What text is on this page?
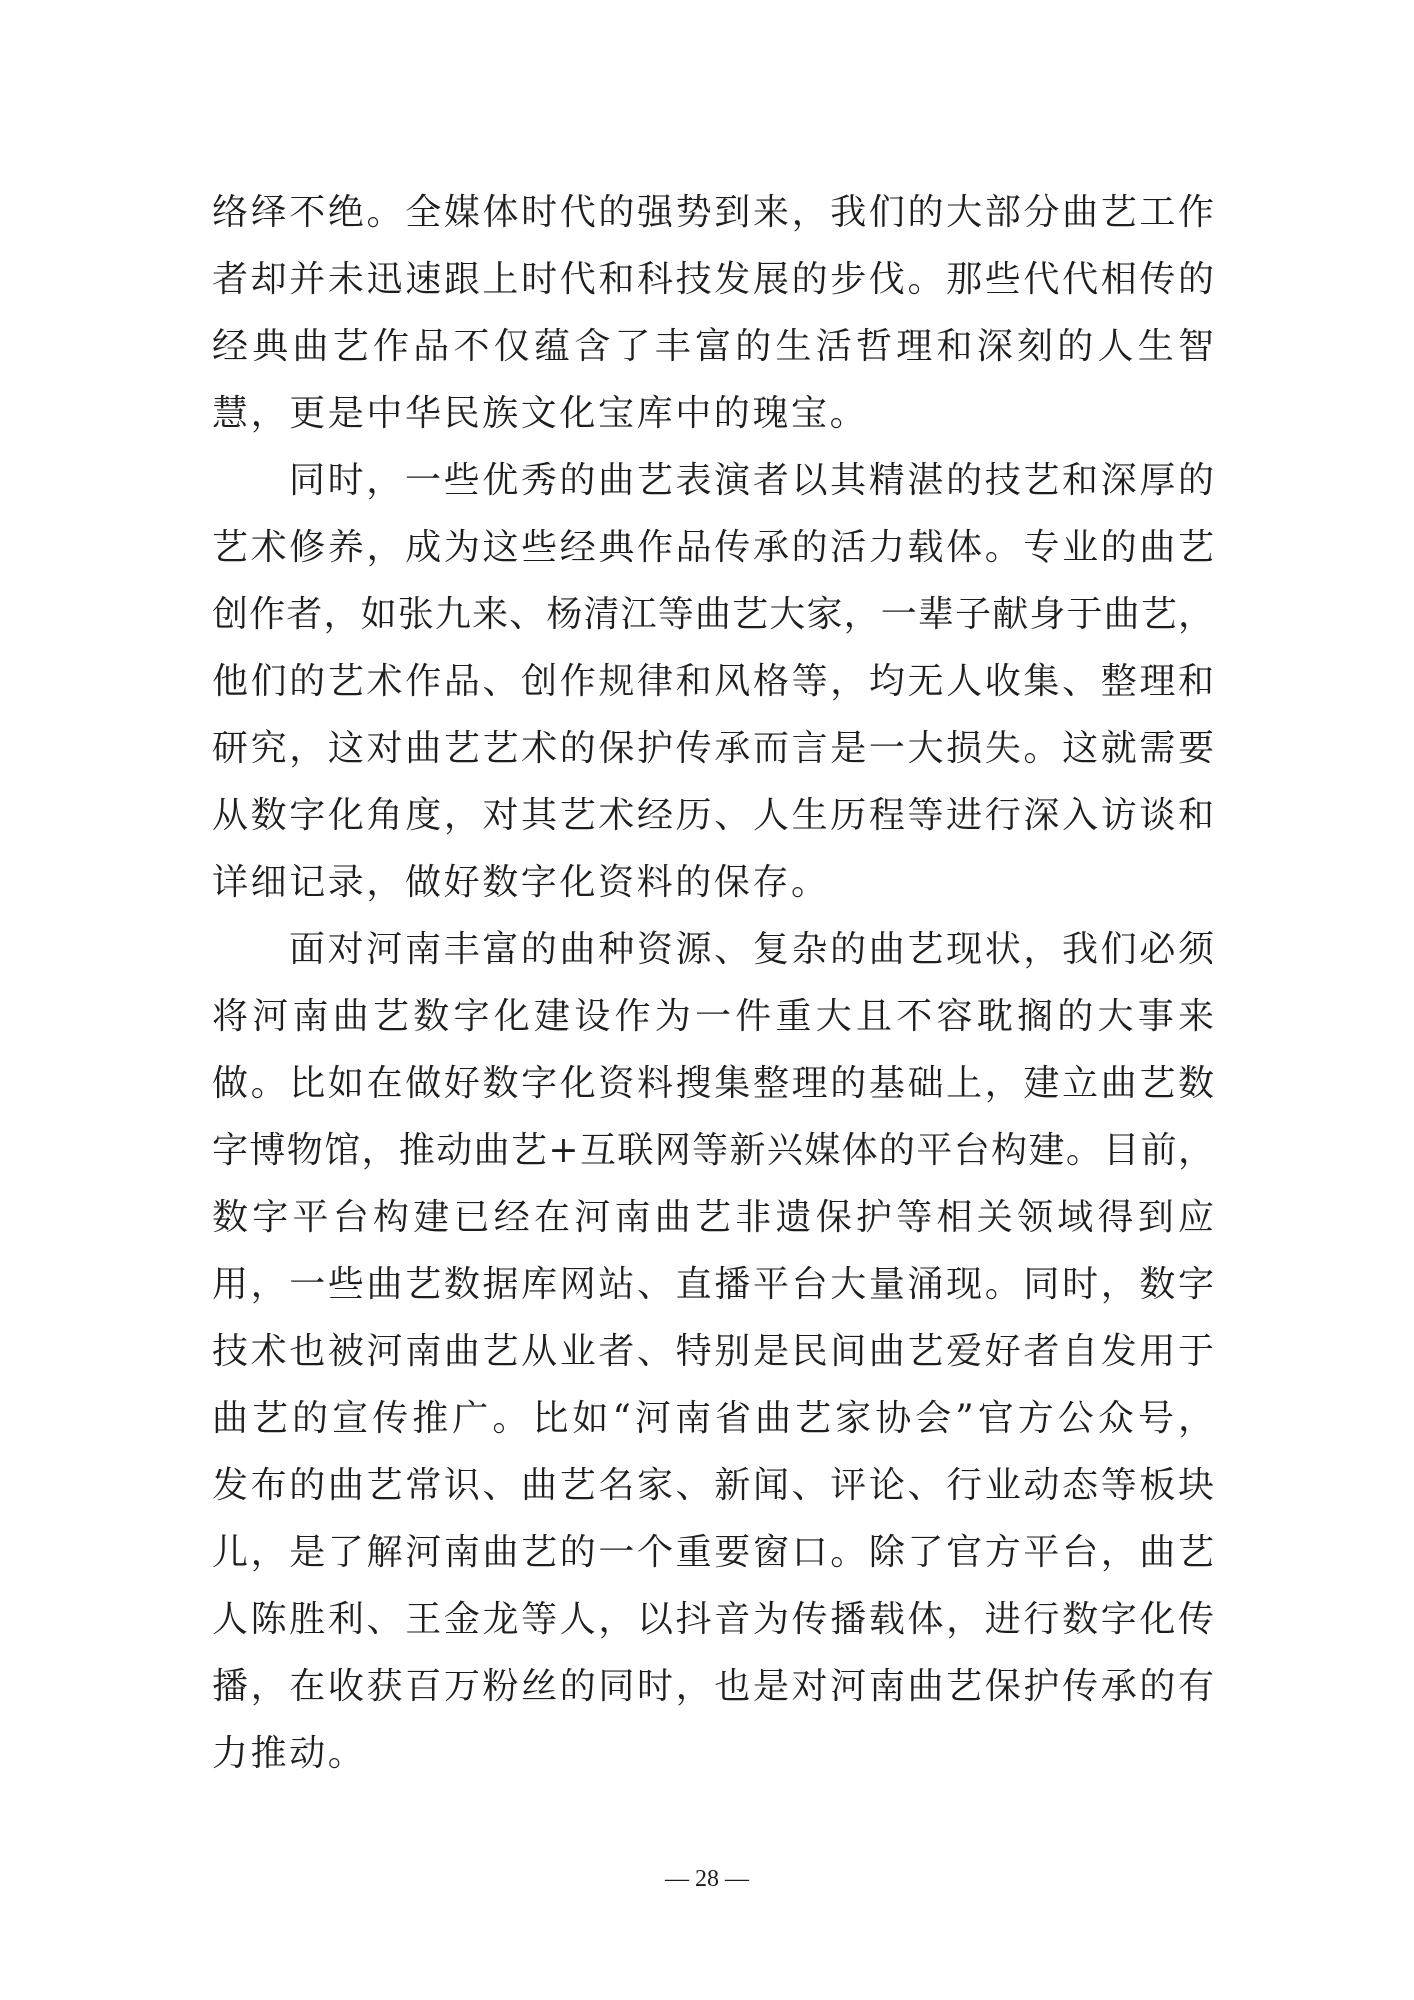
络绎不绝。全媒体时代的强势到来，我们的大部分曲艺工作
者却并未迅速跟上时代和科技发展的步伐。那些代代相传的
经典曲艺作品不仅蕴含了丰富的生活哲理和深刻的人生智
慧，更是中华民族文化宝库中的瑰宝。
同时，一些优秀的曲艺表演者以其精湛的技艺和深厚的
艺术修养，成为这些经典作品传承的活力载体。专业的曲艺
创作者，如张九来、杨清江等曲艺大家，一辈子献身于曲艺，
他们的艺术作品、创作规律和风格等，均无人收集、整理和
研究，这对曲艺艺术的保护传承而言是一大损失。这就需要
从数字化角度，对其艺术经历、人生历程等进行深入访谈和
详细记录，做好数字化资料的保存。
面对河南丰富的曲种资源、复杂的曲艺现状，我们必须
将河南曲艺数字化建设作为一件重大且不容耽搁的大事来
做。比如在做好数字化资料搜集整理的基础上，建立曲艺数
字博物馆，推动曲艺+互联网等新兴媒体的平台构建。目前，
数字平台构建已经在河南曲艺非遗保护等相关领域得到应
用，一些曲艺数据库网站、直播平台大量涌现。同时，数字
技术也被河南曲艺从业者、特别是民间曲艺爱好者自发用于
曲艺的宣传推广。比如“河南省曲艺家协会”官方公众号，
发布的曲艺常识、曲艺名家、新闻、评论、行业动态等板块
儿，是了解河南曲艺的一个重要窗口。除了官方平台，曲艺
人陈胜利、王金龙等人，以抖音为传播载体，进行数字化传
播，在收获百万粉丝的同时，也是对河南曲艺保护传承的有
力推动。
— 28 —
